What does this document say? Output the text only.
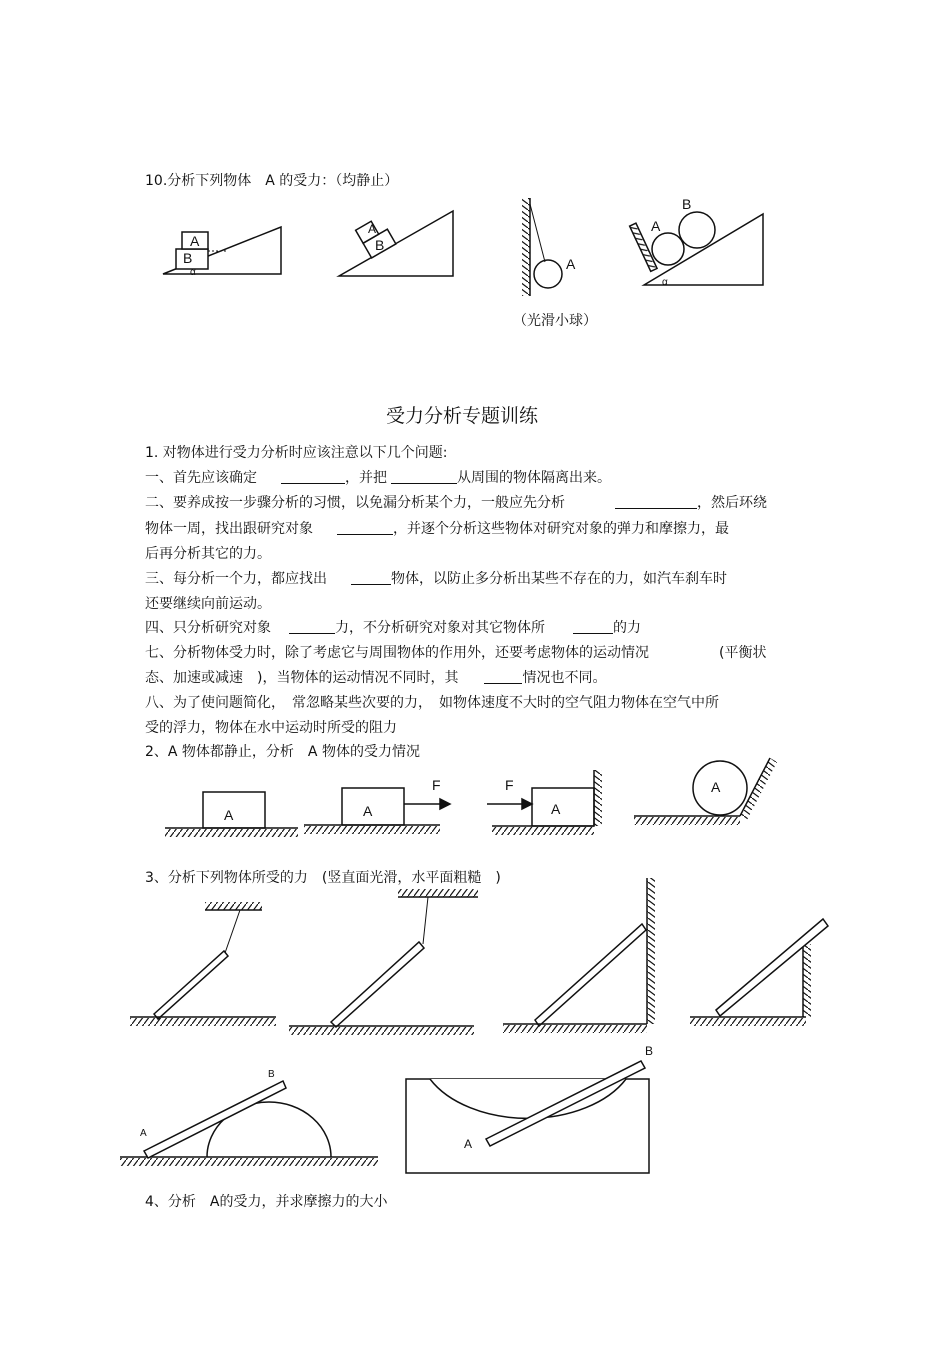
10.分析下列物体　A 的受力：（均静止）
A
B
α
A
B
A
（光滑小球）
A
B
α
A	A
F
A
F	A
A
B
A
B
受力分析专题训练
1. 对物体进行受力分析时应该注意以下几个问题:
一、首先应该确定	，并把	从周围的物体隔离出来。
二、要养成按一步骤分析的习惯，以免漏分析某个力，一般应先分析	，然后环绕
物体一周，找出跟研究对象	，并逐个分析这些物体对研究对象的弹力和摩擦力，最
后再分析其它的力。
三、每分析一个力，都应找出	物体，以防止多分析出某些不存在的力，如汽车刹车时
还要继续向前运动。
四、只分析研究对象	力，不分析研究对象对其它物体所	的力
七、分析物体受力时，除了考虑它与周围物体的作用外，还要考虑物体的运动情况	(平衡状
态、加速或减速　)，当物体的运动情况不同时，其	情况也不同。
八、为了使问题简化，　常忽略某些次要的力，　如物体速度不大时的空气阻力物体在空气中所
受的浮力，物体在水中运动时所受的阻力
2、A 物体都静止，分析　A 物体的受力情况
3、分析下列物体所受的力　(竖直面光滑，水平面粗糙　)
4、分析　A的受力，并求摩擦力的大小
